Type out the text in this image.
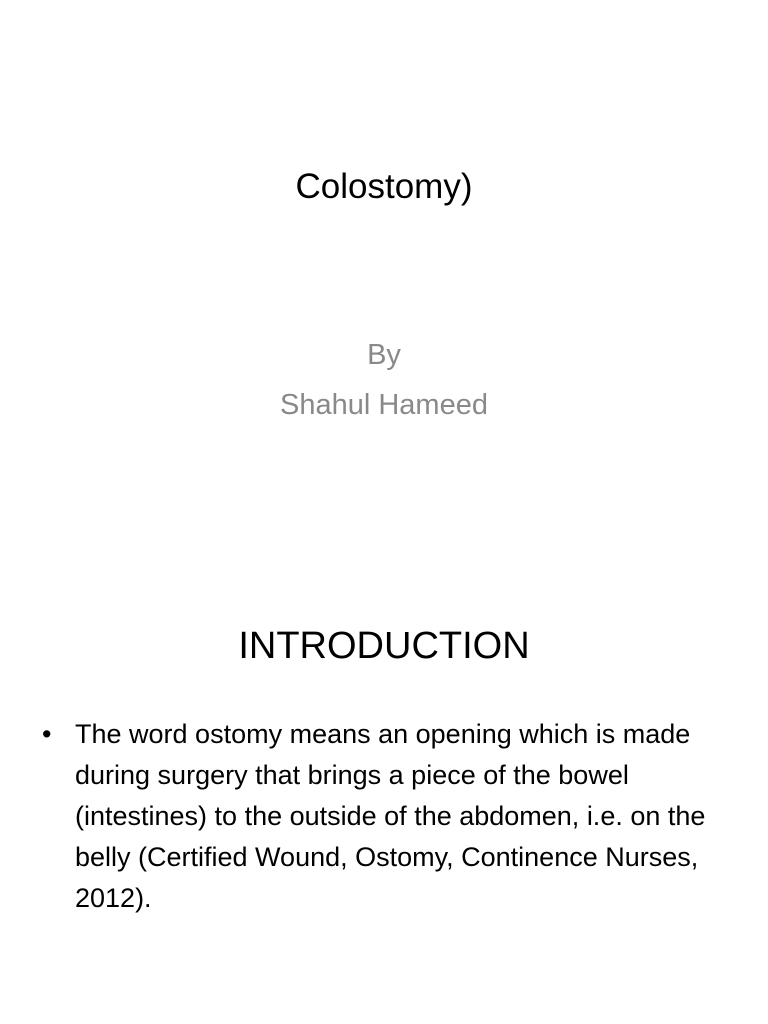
Colostomy)
By
Shahul Hameed
INTRODUCTION
• The word ostomy means an opening which is made during surgery that brings a piece of the bowel (intestines) to the outside of the abdomen, i.e. on the belly (Certified Wound, Ostomy, Continence Nurses, 2012).
